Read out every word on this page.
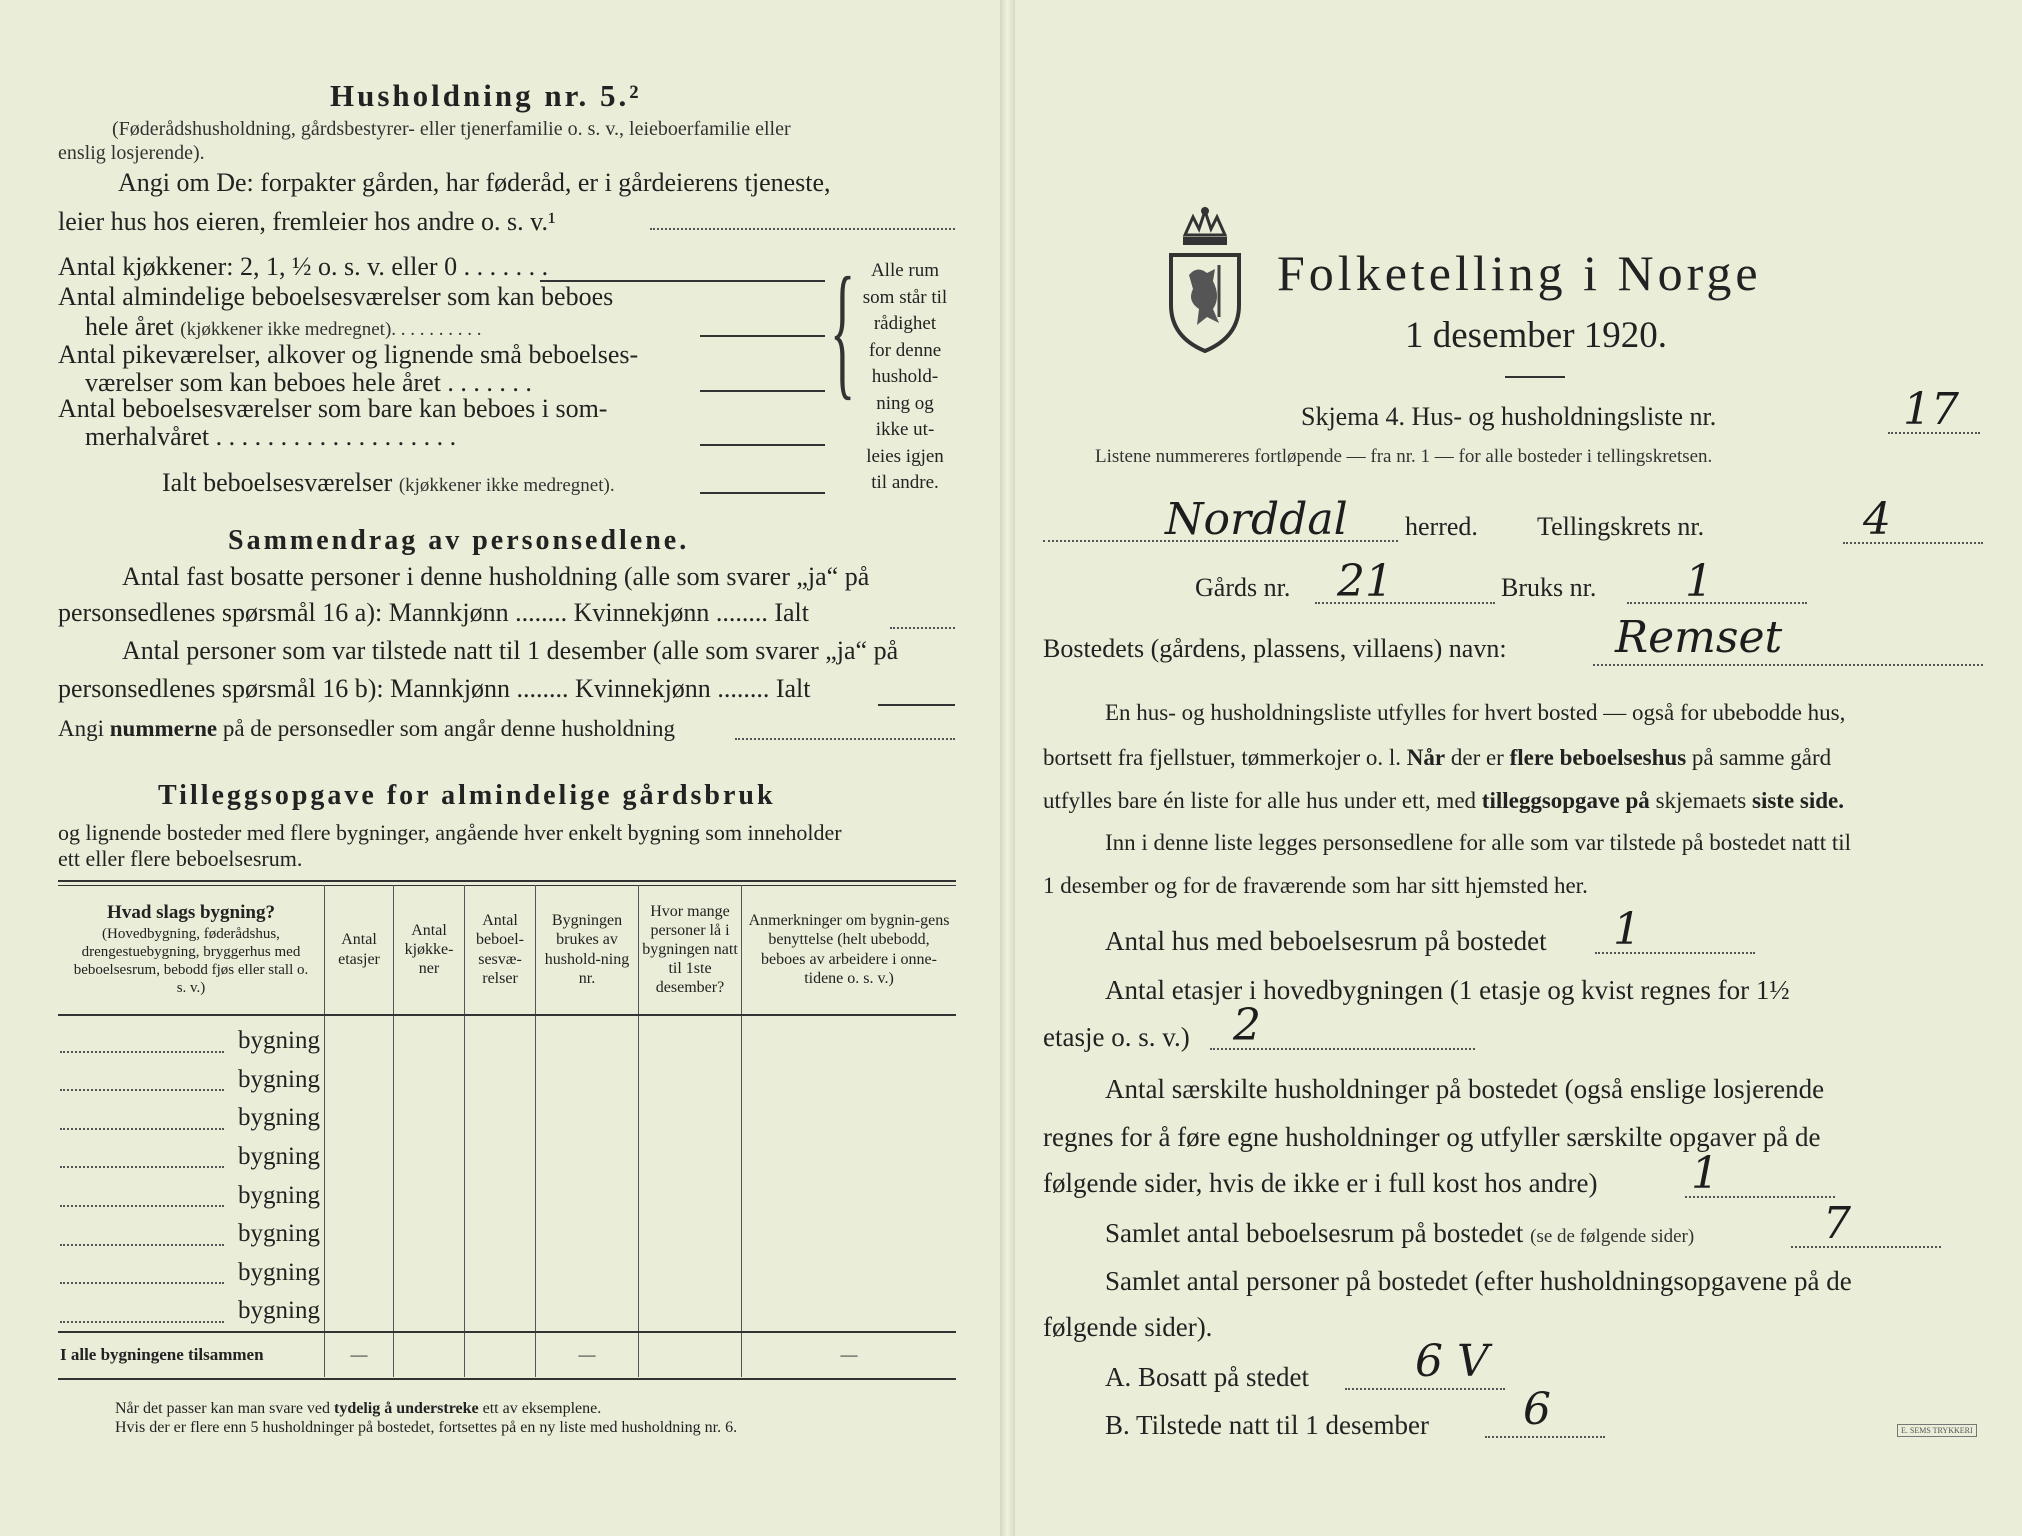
Husholdning nr. 5.²
(Føderådshusholdning, gårdsbestyrer- eller tjenerfamilie o. s. v., leieboerfamilie eller
enslig losjerende).
Angi om De: forpakter gården, har føderåd, er i gårdeierens tjeneste,
leier hus hos eieren, fremleier hos andre o. s. v.¹
Antal kjøkkener: 2, 1, ½ o. s. v. eller 0 . . . . . . .
Antal almindelige beboelsesværelser som kan beboes
hele året (kjøkkener ikke medregnet). . . . . . . . . .
Antal pikeværelser, alkover og lignende små beboelses-
værelser som kan beboes hele året . . . . . . .
Antal beboelsesværelser som bare kan beboes i som-
merhalvåret . . . . . . . . . . . . . . . . . . .
Ialt beboelsesværelser (kjøkkener ikke medregnet).
{ Alle rum
som står til
rådighet
for denne
hushold-
ning og
ikke ut-
leies igjen
til andre.
Sammendrag av personsedlene.
Antal fast bosatte personer i denne husholdning (alle som svarer „ja“ på
personsedlenes spørsmål 16 a): Mannkjønn ........ Kvinnekjønn ........ Ialt
Antal personer som var tilstede natt til 1 desember (alle som svarer „ja“ på
personsedlenes spørsmål 16 b): Mannkjønn ........ Kvinnekjønn ........ Ialt
Angi nummerne på de personsedler som angår denne husholdning
Tilleggsopgave for almindelige gårdsbruk
og lignende bosteder med flere bygninger, angående hver enkelt bygning som inneholder
ett eller flere beboelsesrum.
Hvad slags bygning?
(Hovedbygning, føderådshus, drengestuebygning, bryggerhus med beboelsesrum, bebodd fjøs eller stall o. s. v.)	Antal etasjer	Antal kjøkke-ner	Antal beboel-sesvæ-relser	Bygningen brukes av hushold-ning nr.	Hvor mange personer lå i bygningen natt til 1ste desember?	Anmerkninger om bygnin-gens benyttelse (helt ubebodd, beboes av arbeidere i onne-tidene o. s. v.)

bygning						

bygning						

bygning						

bygning						

bygning						

bygning						

bygning						

bygning						
I alle bygningene tilsammen	—			—		—
Når det passer kan man svare ved tydelig å understreke ett av eksemplene.
Hvis der er flere enn 5 husholdninger på bostedet, fortsettes på en ny liste med husholdning nr. 6.
Folketelling i Norge
1 desember 1920.
Skjema 4. Hus- og husholdningsliste nr.	17
Listene nummereres fortløpende — fra nr. 1 — for alle bosteder i tellingskretsen.
Norddal herred. Tellingskrets nr.	4
Gårds nr. 21	Bruks nr. 1
Bostedets (gårdens, plassens, villaens) navn: Remset
En hus- og husholdningsliste utfylles for hvert bosted — også for ubebodde hus,
bortsett fra fjellstuer, tømmerkojer o. l. Når der er flere beboelseshus på samme gård
utfylles bare én liste for alle hus under ett, med tilleggsopgave på skjemaets siste side.
Inn i denne liste legges personsedlene for alle som var tilstede på bostedet natt til
1 desember og for de fraværende som har sitt hjemsted her.
Antal hus med beboelsesrum på bostedet 1
Antal etasjer i hovedbygningen (1 etasje og kvist regnes for 1½
etasje o. s. v.) 2
Antal særskilte husholdninger på bostedet (også enslige losjerende
regnes for å føre egne husholdninger og utfyller særskilte opgaver på de
følgende sider, hvis de ikke er i full kost hos andre) 1
Samlet antal beboelsesrum på bostedet (se de følgende sider)	7
Samlet antal personer på bostedet (efter husholdningsopgavene på de
følgende sider).
A. Bosatt på stedet 6 V
B. Tilstede natt til 1 desember 6	E. SEMS TRYKKERI
